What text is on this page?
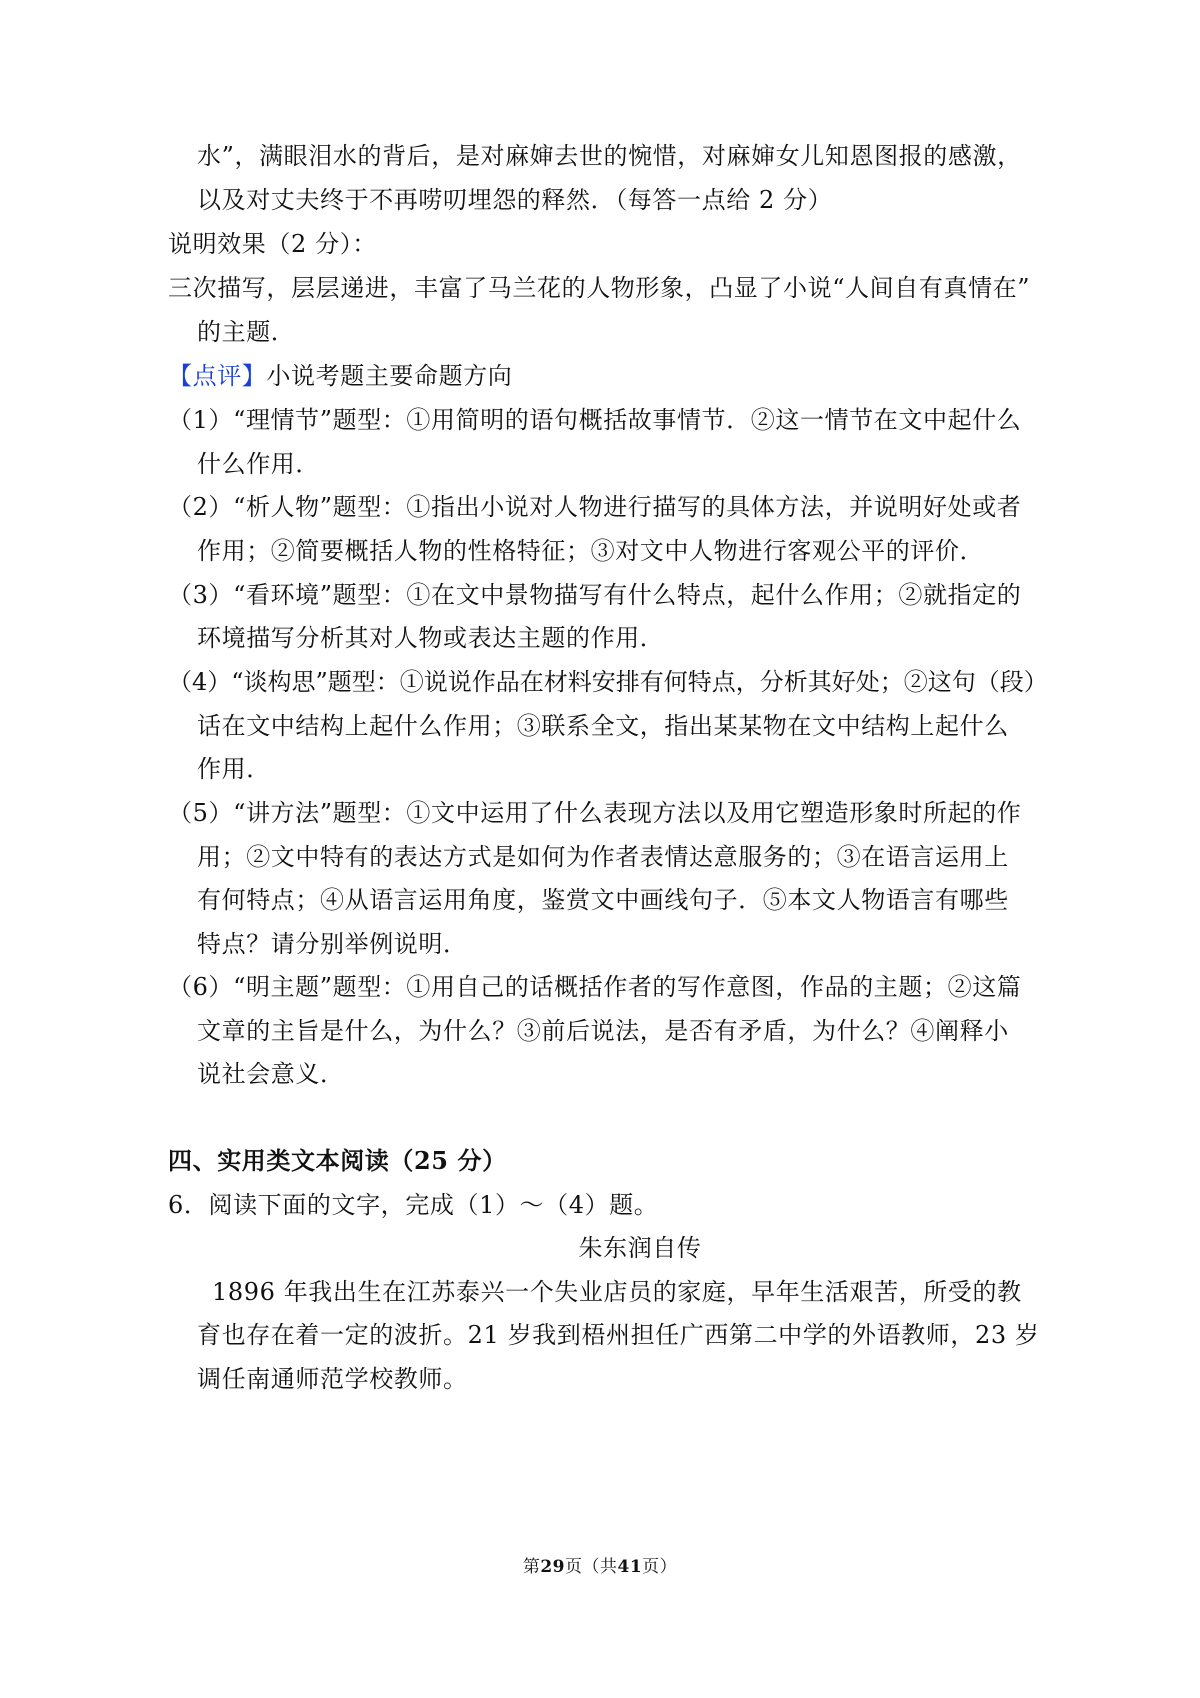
水”，满眼泪水的背后，是对麻婶去世的惋惜，对麻婶女儿知恩图报的感激，
以及对丈夫终于不再唠叨埋怨的释然．（每答一点给 2 分）
说明效果（2 分）：
三次描写，层层递进，丰富了马兰花的人物形象，凸显了小说“人间自有真情在”
的主题．
【点评】小说考题主要命题方向
（1）“理情节”题型：①用简明的语句概括故事情节．②这一情节在文中起什么
什么作用．
（2）“析人物”题型：①指出小说对人物进行描写的具体方法，并说明好处或者
作用；②简要概括人物的性格特征；③对文中人物进行客观公平的评价．
（3）“看环境”题型：①在文中景物描写有什么特点，起什么作用；②就指定的
环境描写分析其对人物或表达主题的作用．
（4）“谈构思”题型：①说说作品在材料安排有何特点，分析其好处；②这句（段）
话在文中结构上起什么作用；③联系全文，指出某某物在文中结构上起什么
作用．
（5）“讲方法”题型：①文中运用了什么表现方法以及用它塑造形象时所起的作
用；②文中特有的表达方式是如何为作者表情达意服务的；③在语言运用上
有何特点；④从语言运用角度，鉴赏文中画线句子．⑤本文人物语言有哪些
特点？请分别举例说明．
（6）“明主题”题型：①用自己的话概括作者的写作意图，作品的主题；②这篇
文章的主旨是什么，为什么？③前后说法，是否有矛盾，为什么？④阐释小
说社会意义．
四、实用类文本阅读（25 分）
6．阅读下面的文字，完成（1）～（4）题。
朱东润自传
1896 年我出生在江苏泰兴一个失业店员的家庭，早年生活艰苦，所受的教
育也存在着一定的波折。21 岁我到梧州担任广西第二中学的外语教师，23 岁
调任南通师范学校教师。
第29页（共41页）
